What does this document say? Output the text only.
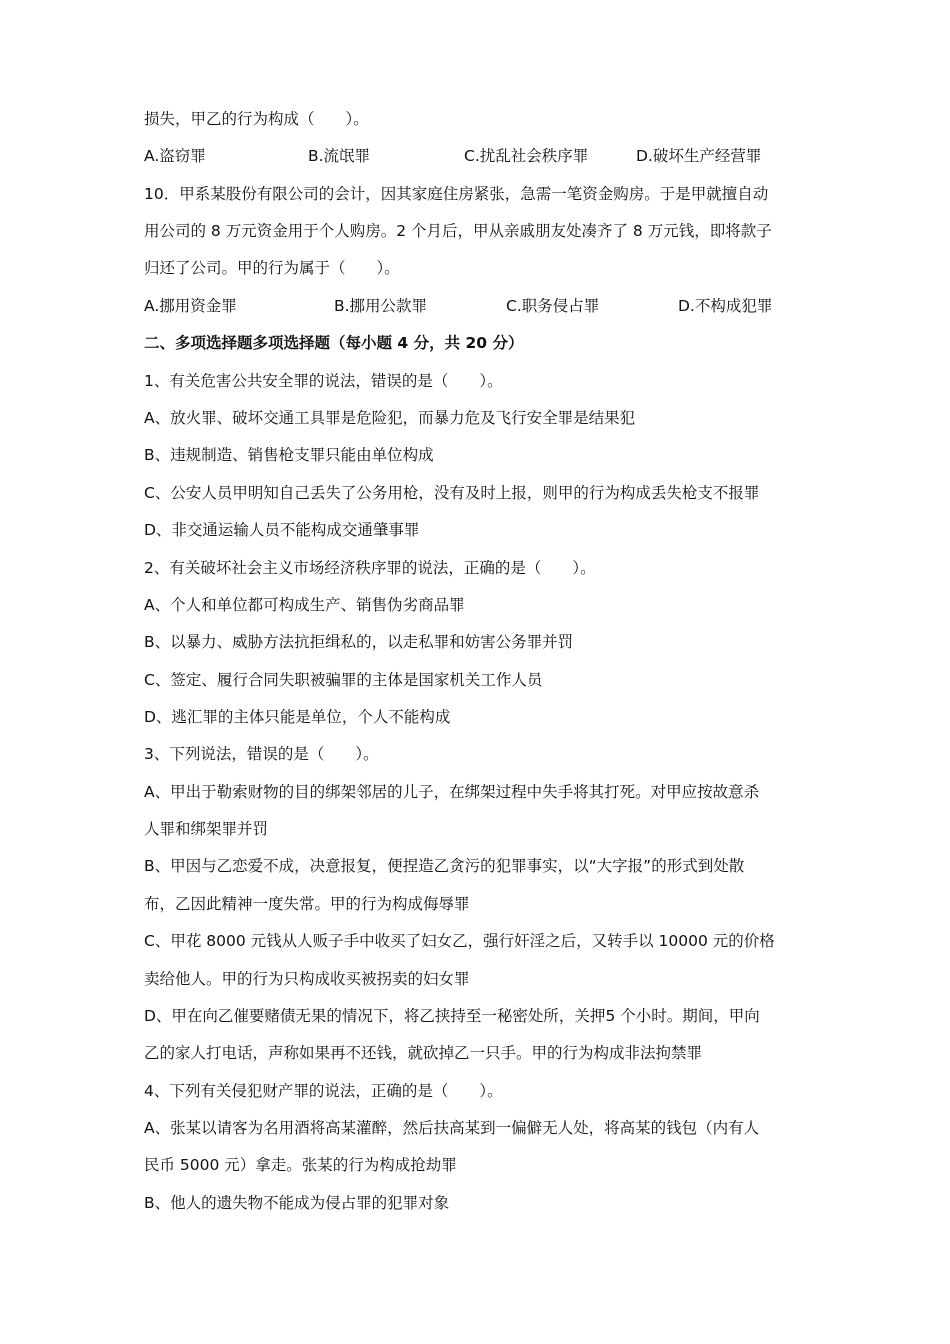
损失，甲乙的行为构成（　　）。
A.盗窃罪	B.流氓罪	C.扰乱社会秩序罪	D.破坏生产经营罪
10．甲系某股份有限公司的会计，因其家庭住房紧张，急需一笔资金购房。于是甲就擅自动
用公司的 8 万元资金用于个人购房。2 个月后，甲从亲戚朋友处凑齐了 8 万元钱，即将款子
归还了公司。甲的行为属于（　　）。
A.挪用资金罪	B.挪用公款罪	C.职务侵占罪	D.不构成犯罪
二、多项选择题多项选择题（每小题 4 分，共 20 分）
1、有关危害公共安全罪的说法，错误的是（　　）。
A、放火罪、破坏交通工具罪是危险犯，而暴力危及飞行安全罪是结果犯
B、违规制造、销售枪支罪只能由单位构成
C、公安人员甲明知自己丢失了公务用枪，没有及时上报，则甲的行为构成丢失枪支不报罪
D、非交通运输人员不能构成交通肇事罪
2、有关破坏社会主义市场经济秩序罪的说法，正确的是（　　）。
A、个人和单位都可构成生产、销售伪劣商品罪
B、以暴力、威胁方法抗拒缉私的，以走私罪和妨害公务罪并罚
C、签定、履行合同失职被骗罪的主体是国家机关工作人员
D、逃汇罪的主体只能是单位，个人不能构成
3、下列说法，错误的是（　　）。
A、甲出于勒索财物的目的绑架邻居的儿子，在绑架过程中失手将其打死。对甲应按故意杀
人罪和绑架罪并罚
B、甲因与乙恋爱不成，决意报复，便捏造乙贪污的犯罪事实，以“大字报”的形式到处散
布，乙因此精神一度失常。甲的行为构成侮辱罪
C、甲花 8000 元钱从人贩子手中收买了妇女乙，强行奸淫之后，又转手以 10000 元的价格
卖给他人。甲的行为只构成收买被拐卖的妇女罪
D、甲在向乙催要赌债无果的情况下，将乙挟持至一秘密处所，关押5 个小时。期间，甲向
乙的家人打电话，声称如果再不还钱，就砍掉乙一只手。甲的行为构成非法拘禁罪
4、下列有关侵犯财产罪的说法，正确的是（　　）。
A、张某以请客为名用酒将高某灌醉，然后扶高某到一偏僻无人处，将高某的钱包（内有人
民币 5000 元）拿走。张某的行为构成抢劫罪
B、他人的遗失物不能成为侵占罪的犯罪对象
